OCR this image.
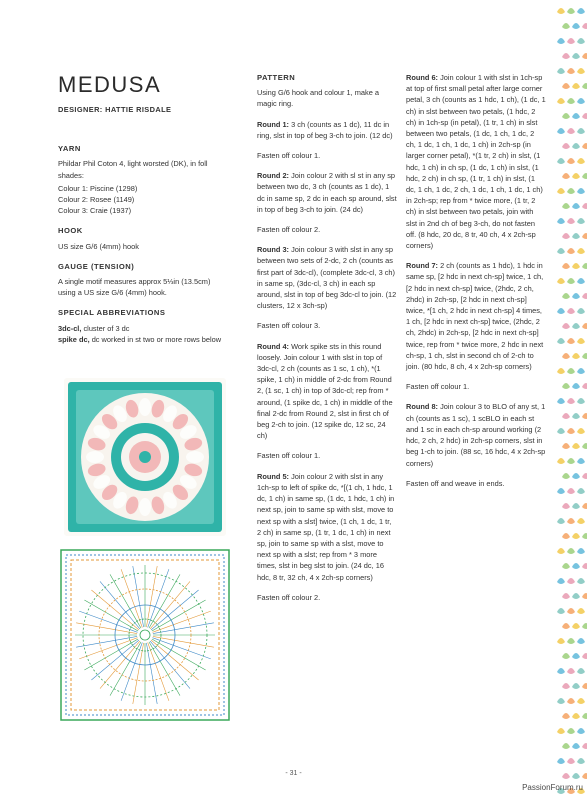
MEDUSA
DESIGNER: HATTIE RISDALE
YARN
Phildar Phil Coton 4, light worsted (DK), in foll shades:
Colour 1: Piscine (1298)
Colour 2: Rosee (1149)
Colour 3: Craie (1937)
HOOK
US size G/6 (4mm) hook
GAUGE (TENSION)
A single motif measures approx 5⅓in (13.5cm) using a US size G/6 (4mm) hook.
SPECIAL ABBREVIATIONS
3dc-cl, cluster of 3 dc
spike dc, dc worked in st two or more rows below
PATTERN

Using G/6 hook and colour 1, make a magic ring.

Round 1: 3 ch (counts as 1 dc), 11 dc in ring, slst in top of beg 3-ch to join. (12 dc)

Fasten off colour 1.

Round 2: Join colour 2 with sl st in any sp between two dc, 3 ch (counts as 1 dc), 1 dc in same sp, 2 dc in each sp around, slst in top of beg 3-ch to join. (24 dc)

Fasten off colour 2.

Round 3: Join colour 3 with slst in any sp between two sets of 2-dc, 2 ch (counts as first part of 3dc-cl), (complete 3dc-cl, 3 ch) in same sp, (3dc-cl, 3 ch) in each sp around, slst in top of beg 3dc-cl to join. (12 clusters, 12 x 3ch-sp)

Fasten off colour 3.

Round 4: Work spike sts in this round loosely. Join colour 1 with slst in top of 3dc-cl, 2 ch (counts as 1 sc, 1 ch), *(1 spike, 1 ch) in middle of 2-dc from Round 2, (1 sc, 1 ch) in top of 3dc-cl; rep from * around, (1 spike dc, 1 ch) in middle of the final 2-dc from Round 2, slst in first ch of beg 2-ch to join. (12 spike dc, 12 sc, 24 ch)

Fasten off colour 1.

Round 5: Join colour 2 with slst in any 1ch-sp to left of spike dc, *[(1 ch, 1 hdc, 1 dc, 1 ch) in same sp, (1 dc, 1 hdc, 1 ch) in next sp, join to same sp with slst, move to next sp with a slst] twice, (1 ch, 1 dc, 1 tr, 2 ch) in same sp, (1 tr, 1 dc, 1 ch) in next sp, join to same sp with a slst, move to next sp with a slst; rep from * 3 more times, slst in beg slst to join. (24 dc, 16 hdc, 8 tr, 32 ch, 4 x 2ch-sp corners)

Fasten off colour 2.

Round 6: Join colour 1 with slst in 1ch-sp at top of first small petal after large corner petal, 3 ch (counts as 1 hdc, 1 ch), (1 dc, 1 ch) in slst between two petals, (1 hdc, 2 ch) in 1ch-sp (in petal), (1 tr, 1 ch) in slst between two petals, (1 dc, 1 ch, 1 dc, 2 ch, 1 dc, 1 ch, 1 dc, 1 ch) in 2ch-sp (in larger corner petal), *(1 tr, 2 ch) in slst, (1 hdc, 1 ch) in ch sp, (1 dc, 1 ch) in slst, (1 hdc, 2 ch) in ch sp, (1 tr, 1 ch) in slst, (1 dc, 1 ch, 1 dc, 2 ch, 1 dc, 1 ch, 1 dc, 1 ch) in 2ch-sp; rep from * twice more, (1 tr, 2 ch) in slst between two petals, join with slst in 2nd ch of beg 3-ch, do not fasten off. (8 hdc, 20 dc, 8 tr, 40 ch, 4 x 2ch-sp corners)

Round 7: 2 ch (counts as 1 hdc), 1 hdc in same sp, [2 hdc in next ch-sp] twice, 1 ch, [2 hdc in next ch-sp] twice, (2hdc, 2 ch, 2hdc) in 2ch-sp, [2 hdc in next ch-sp] twice, *[1 ch, 2 hdc in next ch-sp] 4 times, 1 ch, [2 hdc in next ch-sp] twice, (2hdc, 2 ch, 2hdc) in 2ch-sp, [2 hdc in next ch-sp] twice, rep from * twice more, 2 hdc in next ch-sp, 1 ch, slst in second ch of 2-ch to join. (80 hdc, 8 ch, 4 x 2ch-sp corners)

Fasten off colour 1.

Round 8: Join colour 3 to BLO of any st, 1 ch (counts as 1 sc), 1 scBLO in each st and 1 sc in each ch-sp around working (2 hdc, 2 ch, 2 hdc) in 2ch-sp corners, slst in beg 1-ch to join. (88 sc, 16 hdc, 4 x 2ch-sp corners)

Fasten off and weave in ends.

- 31 -
PassionForum.ru
